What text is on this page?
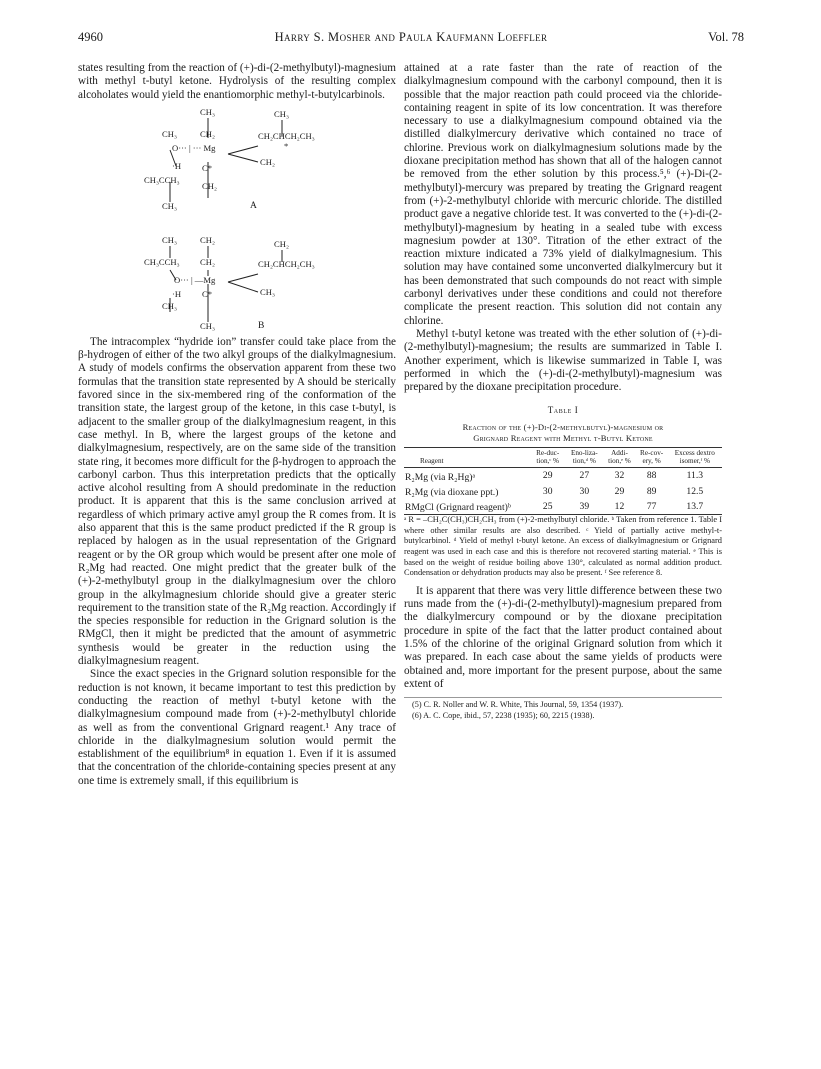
Harry S. Mosher and Paula Kaufmann Loeffler
4960	Vol. 78

states resulting from the reaction of (+)-di-(2-methylbutyl)-magnesium with methyl t-butyl ketone. Hydrolysis of the resulting complex alcoholates would yield the enantiomorphic methyl-t-butylcarbinols.

CH₃	CH₃
CH₃	CH₂	CH₂CHCH₂CH₃
*
O··· | ··· Mg
CH₂
·H C*
CH₃CCH₃
CH₂
CH₃	A
CH₃	CH₂	CH₂
CH₃CCH₃ CH₂	CH₂CHCH₂CH₃
O··· | —Mg
CH₃
·H C*
CH₃
CH₃	B

The intracomplex “hydride ion” transfer could take place from the β-hydrogen of either of the two alkyl groups of the dialkylmagnesium. A study of models confirms the observation apparent from these two formulas that the transition state represented by A should be sterically favored since in the six-membered ring of the conformation of the transition state, the largest group of the ketone, in this case t-butyl, is adjacent to the smaller group of the dialkylmagnesium reagent, in this case methyl. In B, where the largest groups of the ketone and dialkylmagnesium, respectively, are on the same side of the transition state ring, it becomes more difficult for the β-hydrogen to approach the carbonyl carbon. Thus this interpretation predicts that the optically active alcohol resulting from A should predominate in the reduction product. It is apparent that this is the same conclusion arrived at regardless of which primary active amyl group the R comes from. It is also apparent that this is the same product predicted if the R group is replaced by halogen as in the usual representation of the Grignard reagent or by the OR group which would be present after one mole of R₂Mg had reacted. One might predict that the greater bulk of the (+)-2-methylbutyl group in the dialkylmagnesium over the chloro group in the alkylmagnesium chloride should give a greater steric requirement to the transition state of the R₂Mg reaction. Accordingly if the species responsible for reduction in the Grignard solution is the RMgCl, then it might be predicted that the amount of asymmetric synthesis would be greater in the reduction using the dialkylmagnesium reagent.

Since the exact species in the Grignard solution responsible for the reduction is not known, it became important to test this prediction by conducting the reaction of methyl t-butyl ketone with the dialkylmagnesium compound made from (+)-2-methylbutyl chloride as well as from the conventional Grignard reagent.¹ Any trace of chloride in the dialkylmagnesium solution would permit the establishment of the equilibrium⁸ in equation 1. Even if it is assumed that the concentration of the chloride-containing species present at any one time is extremely small, if this equilibrium is

attained at a rate faster than the rate of reaction of the dialkylmagnesium compound with the carbonyl compound, then it is possible that the major reaction path could proceed via the chloride-containing reagent in spite of its low concentration. It was therefore necessary to use a dialkylmagnesium compound obtained via the distilled dialkylmercury derivative which contained no trace of chlorine. Previous work on dialkylmagnesium solutions made by the dioxane precipitation method has shown that all of the halogen cannot be removed from the ether solution by this process.⁵,⁶ (+)-Di-(2-methylbutyl)-mercury was prepared by treating the Grignard reagent from (+)-2-methylbutyl chloride with mercuric chloride. The distilled product gave a negative chloride test. It was converted to the (+)-di-(2-methylbutyl)-magnesium by heating in a sealed tube with excess magnesium powder at 130°. Titration of the ether extract of the reaction mixture indicated a 73% yield of dialkylmagnesium. This solution may have contained some unconverted dialkylmercury but it has been demonstrated that such compounds do not react with simple carbonyl derivatives under these conditions and could not therefore complicate the present reaction. This solution did not contain any chlorine.

Methyl t-butyl ketone was treated with the ether solution of (+)-di-(2-methylbutyl)-magnesium; the results are summarized in Table I. Another experiment, which is likewise summarized in Table I, was performed in which the (+)-di-(2-methylbutyl)-magnesium was prepared by the dioxane precipitation procedure.

Table I
Reaction of the (+)-Di-(2-methylbutyl)-magnesium or
Grignard Reagent with Methyl t-Butyl Ketone
Reagent	Re-duc-tion,ᶜ %	Eno-liza-tion,ᵈ %	Addi-tion,ᵉ %	Re-cov-ery, %	Excess dextro isomer,ᶠ %
R₂Mg (via R₂Hg)ᵃ	29	27	32	88	11.3
R₂Mg (via dioxane ppt.)	30	30	29	89	12.5
RMgCl (Grignard reagent)ᵇ	25	39	12	77	13.7

ᵃ R = –CH₂C(CH₃)CH₂CH₃ from (+)-2-methylbutyl chloride. ᵇ Taken from reference 1. Table I where other similar results are also described. ᶜ Yield of partially active methyl-t-butylcarbinol. ᵈ Yield of methyl t-butyl ketone. An excess of dialkylmagnesium or Grignard reagent was used in each case and this is therefore not recovered starting material. ᵉ This is based on the weight of residue boiling above 130°, calculated as normal addition product. Condensation or dehydration products may also be present. ᶠ See reference 8.

It is apparent that there was very little difference between these two runs made from the (+)-di-(2-methylbutyl)-magnesium prepared from the dialkylmercury compound or by the dioxane precipitation procedure in spite of the fact that the latter product contained about 1.5% of the chlorine of the original Grignard solution from which it was prepared. In each case about the same yields of products were obtained and, more important for the present purpose, about the same extent of

(5) C. R. Noller and W. R. White, This Journal, 59, 1354 (1937).
(6) A. C. Cope, ibid., 57, 2238 (1935); 60, 2215 (1938).
